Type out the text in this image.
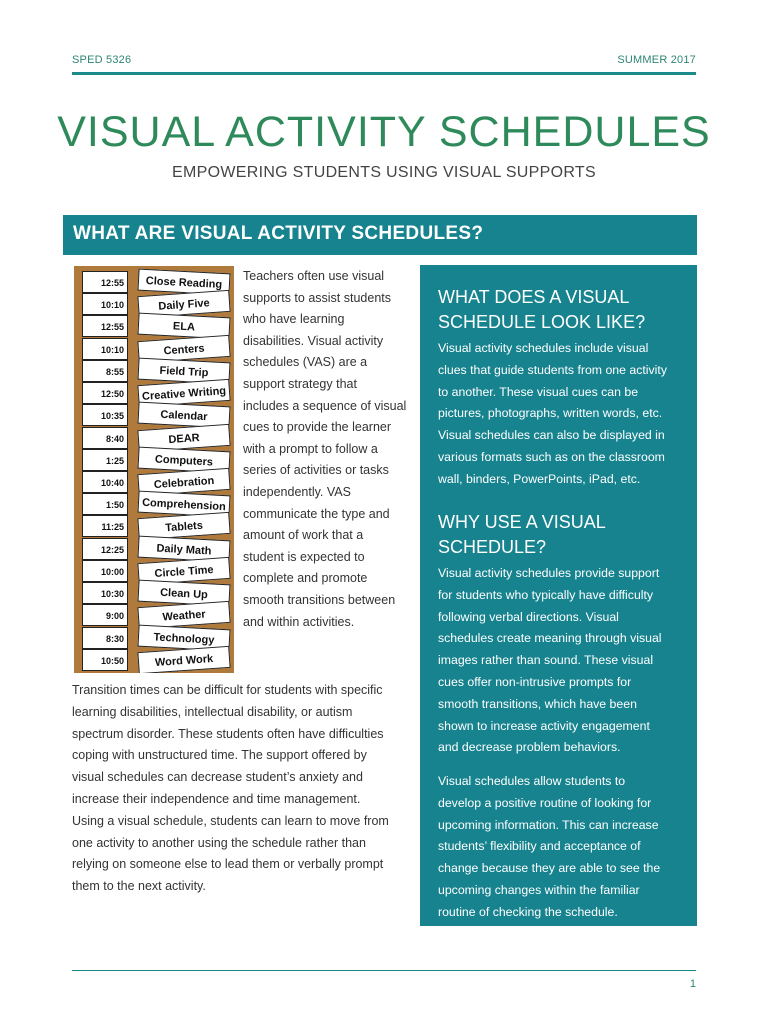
SPED 5326	SUMMER 2017
VISUAL ACTIVITY SCHEDULES
EMPOWERING STUDENTS USING VISUAL SUPPORTS
WHAT ARE VISUAL ACTIVITY SCHEDULES?
12:55	Close Reading
10:10	Daily Five
12:55	ELA
10:10	Centers
8:55	Field Trip
12:50	Creative Writing
10:35	Calendar
8:40	DEAR
1:25	Computers
10:40	Celebration
1:50	Comprehension
11:25	Tablets
12:25	Daily Math
10:00	Circle Time
10:30	Clean Up
9:00	Weather
8:30	Technology
10:50	Word Work
Teachers often use visual
supports to assist students
who have learning
disabilities. Visual activity
schedules (VAS) are a
support strategy that
includes a sequence of visual
cues to provide the learner
with a prompt to follow a
series of activities or tasks
independently. VAS
communicate the type and
amount of work that a
student is expected to
complete and promote
smooth transitions between
and within activities.
Transition times can be difficult for students with specific
learning disabilities, intellectual disability, or autism
spectrum disorder. These students often have difficulties
coping with unstructured time. The support offered by
visual schedules can decrease student’s anxiety and
increase their independence and time management.
Using a visual schedule, students can learn to move from
one activity to another using the schedule rather than
relying on someone else to lead them or verbally prompt
them to the next activity.
WHAT DOES A VISUAL
SCHEDULE LOOK LIKE?
Visual activity schedules include visual
clues that guide students from one activity
to another. These visual cues can be
pictures, photographs, written words, etc.
Visual schedules can also be displayed in
various formats such as on the classroom
wall, binders, PowerPoints, iPad, etc.
WHY USE A VISUAL
SCHEDULE?
Visual activity schedules provide support
for students who typically have difficulty
following verbal directions. Visual
schedules create meaning through visual
images rather than sound. These visual
cues offer non-intrusive prompts for
smooth transitions, which have been
shown to increase activity engagement
and decrease problem behaviors.
Visual schedules allow students to
develop a positive routine of looking for
upcoming information. This can increase
students’ flexibility and acceptance of
change because they are able to see the
upcoming changes within the familiar
routine of checking the schedule.
1
